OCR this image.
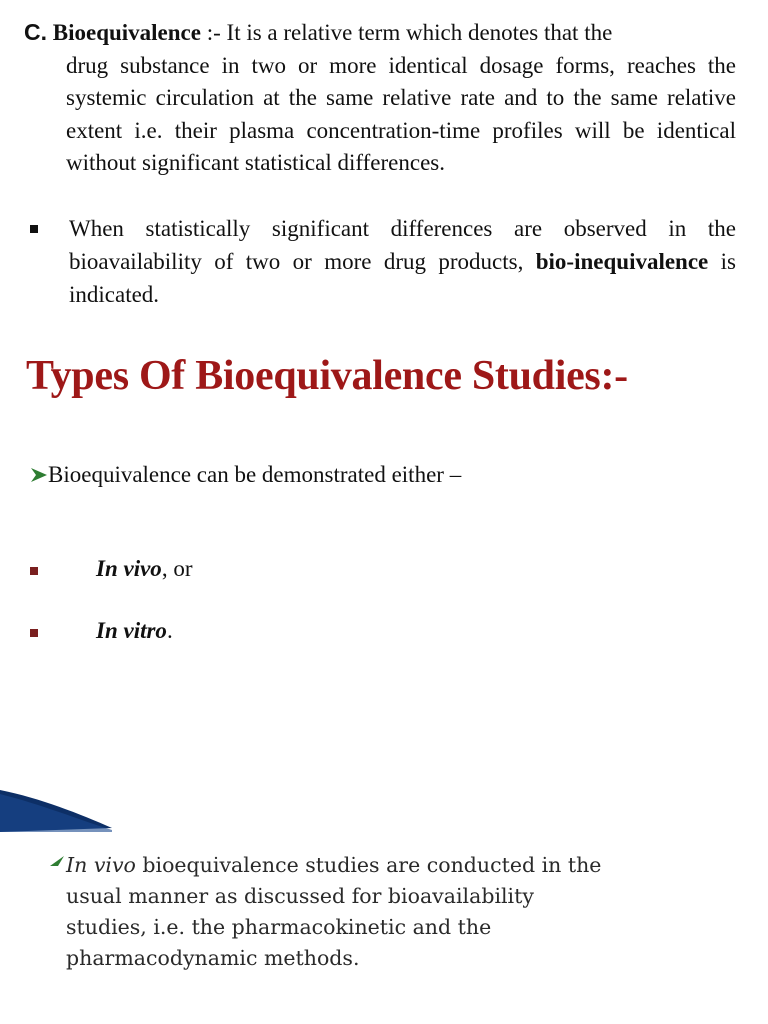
C. Bioequivalence :- It is a relative term which denotes that the
drug substance in two or more identical dosage forms, reaches the systemic circulation at the same relative rate and to the same relative extent i.e. their plasma concentration-time profiles will be identical without significant statistical differences.
When statistically significant differences are observed in the bioavailability of two or more drug products, bio-inequivalence is indicated.
Types Of Bioequivalence Studies:-
Bioequivalence can be demonstrated either –
In vivo, or
In vitro.
In vivo bioequivalence studies are conducted in the
usual manner as discussed for bioavailability
studies, i.e. the pharmacokinetic and the
pharmacodynamic methods.
